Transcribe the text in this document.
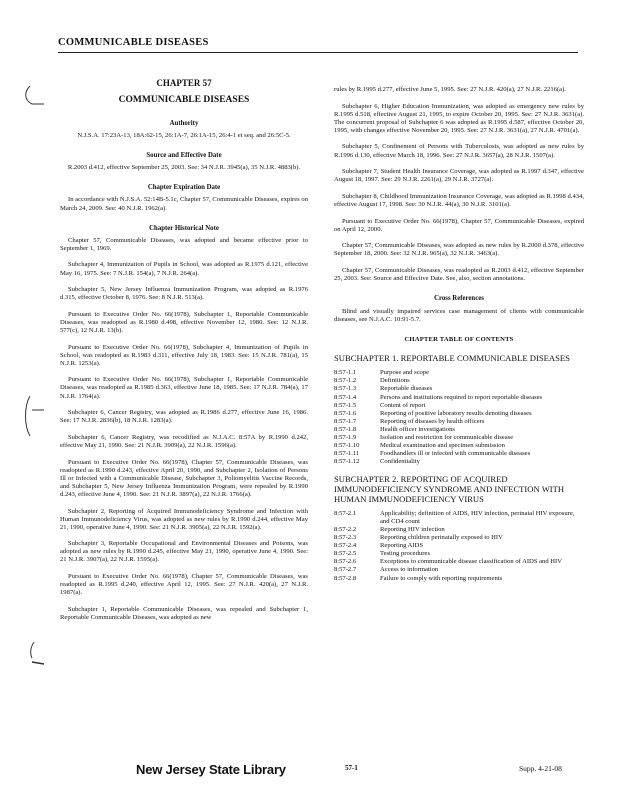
COMMUNICABLE DISEASES
CHAPTER 57
COMMUNICABLE DISEASES
Authority
N.J.S.A. 17:23A-13, 18A:62-15, 26:1A-7, 26:1A-15, 26:4-1 et seq. and 26:5C-5.
Source and Effective Date
R.2003 d.412, effective September 25, 2003. See: 34 N.J.R. 3945(a), 35 N.J.R. 4883(b).
Chapter Expiration Date

In accordance with N.J.S.A. 52:14B-5.1c, Chapter 57, Communicable Diseases, expires on March 24, 2009. See: 40 N.J.R. 1962(a).

Chapter Historical Note

Chapter 57, Communicable Diseases, was adopted and became effective prior to September 1, 1969.

Subchapter 4, Immunization of Pupils in School, was adopted as R.1975 d.121, effective May 16, 1975. See: 7 N.J.R. 154(a), 7 N.J.R. 264(a).

Subchapter 5, New Jersey Influenza Immunization Program, was adopted as R.1976 d.315, effective October 8, 1976. See: 8 N.J.R. 513(a).

Pursuant to Executive Order No. 66(1978), Subchapter 1, Reportable Communicable Diseases, was readopted as R.1980 d.498, effective November 12, 1980. See: 12 N.J.R. 577(c), 12 N.J.R. 13(b).

Pursuant to Executive Order No. 66(1978), Subchapter 4, Immunization of Pupils in School, was readopted as R.1983 d.311, effective July 18, 1983. See: 15 N.J.R. 781(a), 15 N.J.R. 1253(a).

Pursuant to Executive Order No. 66(1978), Subchapter 1, Reportable Communicable Diseases, was readopted as R.1985 d.363, effective June 18, 1985. See: 17 N.J.R. 784(a), 17 N.J.R. 1764(a).

Subchapter 6, Cancer Registry, was adopted as R.1986 d.277, effective June 16, 1986. See: 17 N.J.R. 2836(b), 18 N.J.R. 1283(a).

Subchapter 6, Cancer Registry, was recodified as N.J.A.C. 8:57A by R.1990 d.242, effective May 21, 1990. See: 21 N.J.R. 3909(a), 22 N.J.R. 1596(a).

Pursuant to Executive Order No. 66(1978), Chapter 57, Communicable Diseases, was readopted as R.1990 d.243, effective April 20, 1990, and Subchapter 2, Isolation of Persons Ill or Infected with a Communicable Disease, Subchapter 3, Poliomyelitis Vaccine Records, and Subchapter 5, New Jersey Influenza Immunization Program, were repealed by R.1990 d.243, effective June 4, 1990. See: 21 N.J.R. 3897(a), 22 N.J.R. 1766(a).

Subchapter 2, Reporting of Acquired Immunodeficiency Syndrome and Infection with Human Immunodeficiency Virus, was adopted as new rules by R.1990 d.244, effective May 21, 1990, operative June 4, 1990. See: 21 N.J.R. 3905(a), 22 N.J.R. 1592(a).

Subchapter 3, Reportable Occupational and Environmental Diseases and Poisons, was adopted as new rules by R.1990 d.245, effective May 21, 1990, operative June 4, 1990. See: 21 N.J.R. 3907(a), 22 N.J.R. 1595(a).

Pursuant to Executive Order No. 66(1978), Chapter 57, Communicable Diseases, was readopted as R.1995 d.240, effective April 12, 1995. See: 27 N.J.R. 420(a), 27 N.J.R. 1987(a).

Subchapter 1, Reportable Communicable Diseases, was repealed and Subchapter 1, Reportable Communicable Diseases, was adopted as new

rules by R.1995 d.277, effective June 5, 1995. See: 27 N.J.R. 420(a), 27 N.J.R. 2216(a).

Subchapter 6, Higher Education Immunization, was adopted as emergency new rules by R.1995 d.518, effective August 21, 1995, to expire October 20, 1995. See: 27 N.J.R. 3631(a). The concurrent proposal of Subchapter 6 was adopted as R.1995 d.587, effective October 20, 1995, with changes effective November 20, 1995. See: 27 N.J.R. 3631(a), 27 N.J.R. 4701(a).

Subchapter 5, Confinement of Persons with Tuberculosis, was adopted as new rules by R.1996 d.130, effective March 18, 1996. See: 27 N.J.R. 3657(a), 28 N.J.R. 1507(a).

Subchapter 7, Student Health Insurance Coverage, was adopted as R.1997 d.347, effective August 18, 1997. See: 29 N.J.R. 2261(a), 29 N.J.R. 3727(a).

Subchapter 8, Childhood Immunization Insurance Coverage, was adopted as R.1998 d.434, effective August 17, 1998. See: 30 N.J.R. 44(a), 30 N.J.R. 3101(a).

Pursuant to Executive Order No. 66(1978), Chapter 57, Communicable Diseases, expired on April 12, 2000.

Chapter 57, Communicable Diseases, was adopted as new rules by R.2000 d.378, effective September 18, 2000. See: 32 N.J.R. 965(a), 32 N.J.R. 3463(a).

Chapter 57, Communicable Diseases, was readopted as R.2003 d.412, effective September 25, 2003. See: Source and Effective Date. See, also, section annotations.

Cross References

Blind and visually impaired services case management of clients with communicable diseases, see N.J.A.C. 10:91-5.7.

CHAPTER TABLE OF CONTENTS
SUBCHAPTER 1. REPORTABLE COMMUNICABLE DISEASES
8:57-1.1	Purpose and scope
8:57-1.2	Definitions
8:57-1.3	Reportable diseases
8:57-1.4	Persons and institutions required to report reportable diseases
8:57-1.5	Content of report
8:57-1.6	Reporting of positive laboratory results denoting diseases
8:57-1.7	Reporting of diseases by health officers
8:57-1.8	Health officer investigations
8:57-1.9	Isolation and restriction for communicable disease
8:57-1.10	Medical examination and specimen submission
8:57-1.11	Foodhandlers ill or infected with communicable diseases
8:57-1.12	Confidentiality
SUBCHAPTER 2. REPORTING OF ACQUIRED IMMUNODEFICIENCY SYNDROME AND INFECTION WITH HUMAN IMMUNODEFICIENCY VIRUS
8:57-2.1	Applicability; definition of AIDS, HIV infection, perinatal HIV exposure, and CD4 count
8:57-2.2	Reporting HIV infection
8:57-2.3	Reporting children perinatally exposed to HIV
8:57-2.4	Reporting AIDS
8:57-2.5	Testing procedures
8:57-2.6	Exceptions to communicable disease classification of AIDS and HIV
8:57-2.7	Access to information
8:57-2.8	Failure to comply with reporting requirements
New Jersey State Library	57-1	Supp. 4-21-08
